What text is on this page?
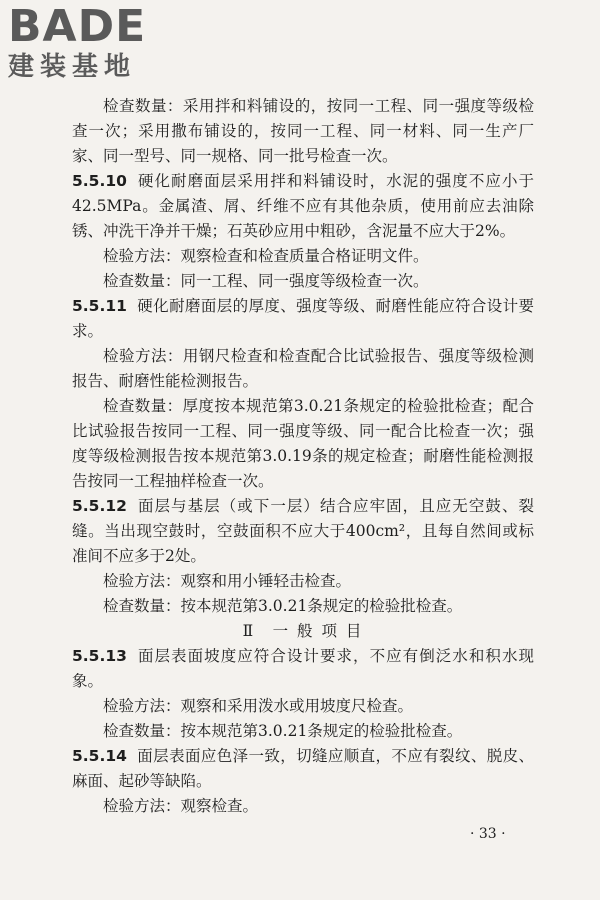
BADE
建装基地

检查数量：采用拌和料铺设的，按同一工程、同一强度等级检查一次；采用撒布铺设的，按同一工程、同一材料、同一生产厂家、同一型号、同一规格、同一批号检查一次。

5.5.10 硬化耐磨面层采用拌和料铺设时，水泥的强度不应小于42.5MPa。金属渣、屑、纤维不应有其他杂质，使用前应去油除锈、冲洗干净并干燥；石英砂应用中粗砂，含泥量不应大于2%。

检验方法：观察检查和检查质量合格证明文件。

检查数量：同一工程、同一强度等级检查一次。

5.5.11 硬化耐磨面层的厚度、强度等级、耐磨性能应符合设计要求。

检验方法：用钢尺检查和检查配合比试验报告、强度等级检测报告、耐磨性能检测报告。

检查数量：厚度按本规范第3.0.21条规定的检验批检查；配合比试验报告按同一工程、同一强度等级、同一配合比检查一次；强度等级检测报告按本规范第3.0.19条的规定检查；耐磨性能检测报告按同一工程抽样检查一次。

5.5.12 面层与基层（或下一层）结合应牢固，且应无空鼓、裂缝。当出现空鼓时，空鼓面积不应大于400cm²，且每自然间或标准间不应多于2处。

检验方法：观察和用小锤轻击检查。

检查数量：按本规范第3.0.21条规定的检验批检查。

Ⅱ　一 般 项 目

5.5.13 面层表面坡度应符合设计要求，不应有倒泛水和积水现象。

检验方法：观察和采用泼水或用坡度尺检查。

检查数量：按本规范第3.0.21条规定的检验批检查。

5.5.14 面层表面应色泽一致，切缝应顺直，不应有裂纹、脱皮、麻面、起砂等缺陷。

检验方法：观察检查。

· 33 ·
